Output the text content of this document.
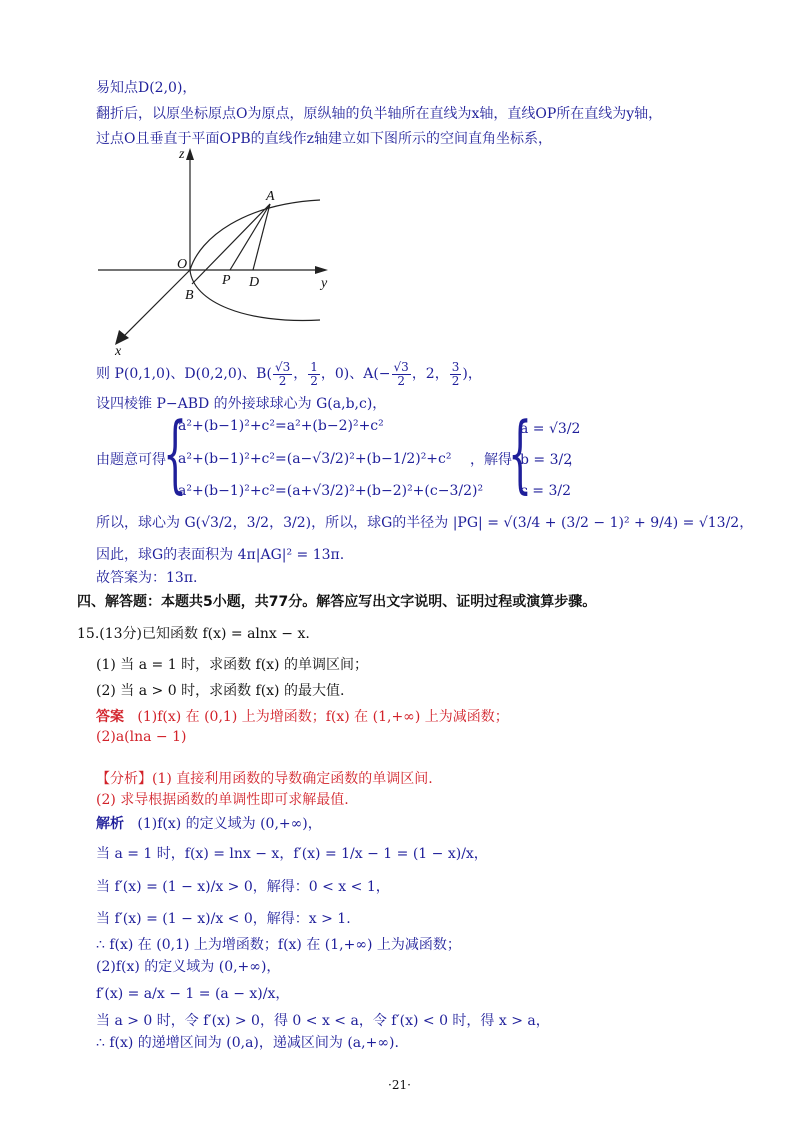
易知点D(2,0)，
翻折后，以原坐标原点O为原点，原纵轴的负半轴所在直线为x轴，直线OP所在直线为y轴，
过点O且垂直于平面OPB的直线作z轴建立如下图所示的空间直角坐标系，
z
y
x
O
A
B
P D
则 P(0,1,0)、D(0,2,0)、$B( \frac{√3}{2}$ ， $\frac{1}{2}$ ，0)、$A(- \frac{√3}{2}$ ，2， $\frac{3}{2}$ )，
设四棱锥 P−ABD 的外接球球心为 G(a,b,c)，
由题意可得
{
a²+(b−1)²+c²=a²+(b−2)²+c²
a²+(b−1)²+c²=(a−√3/2)²+(b−1/2)²+c²
a²+(b−1)²+c²=(a+√3/2)²+(b−2)²+(c−3/2)²
，解得
{
a = √3/2
b = 3/2
c = 3/2
，
所以，球心为 G(√3/2，3/2，3/2)，所以，球G的半径为 |PG| = √(3/4 + (3/2 − 1)² + 9/4) = √13/2，
因此，球G的表面积为 4π|AG|² = 13π.
故答案为：13π.
四、解答题：本题共5小题，共77分。解答应写出文字说明、证明过程或演算步骤。
15.(13分)已知函数 f(x) = alnx − x.
(1) 当 a = 1 时，求函数 f(x) 的单调区间；
(2) 当 a > 0 时，求函数 f(x) 的最大值.
答案 (1)f(x) 在 (0,1) 上为增函数；f(x) 在 (1,+∞) 上为减函数；
(2)a(lna − 1)
【分析】(1) 直接利用函数的导数确定函数的单调区间.
(2) 求导根据函数的单调性即可求解最值.
解析 (1)f(x) 的定义域为 (0,+∞)，
当 a = 1 时，f(x) = lnx − x，f′(x) = 1/x − 1 = (1 − x)/x，
当 f′(x) = (1 − x)/x > 0，解得：0 < x < 1，
当 f′(x) = (1 − x)/x < 0，解得：x > 1.
∴ f(x) 在 (0,1) 上为增函数；f(x) 在 (1,+∞) 上为减函数；
(2)f(x) 的定义域为 (0,+∞)，
f′(x) = a/x − 1 = (a − x)/x，
当 a > 0 时，令 f′(x) > 0，得 0 < x < a，令 f′(x) < 0 时，得 x > a，
∴ f(x) 的递增区间为 (0,a)，递减区间为 (a,+∞).
·21·
